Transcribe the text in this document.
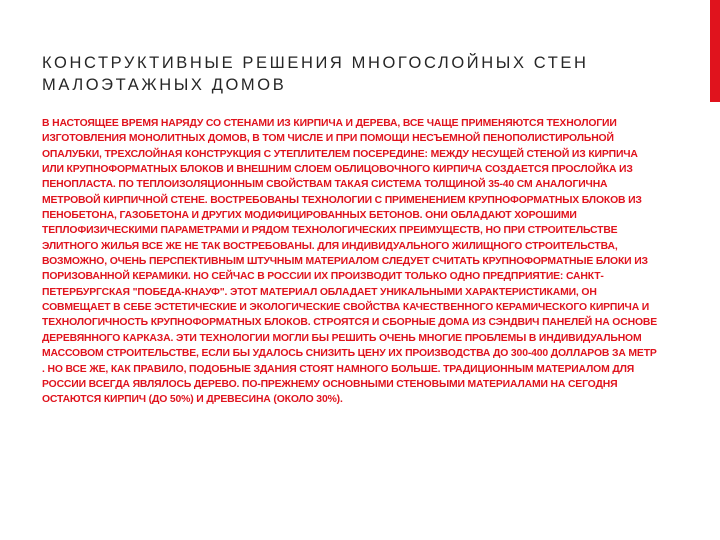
КОНСТРУКТИВНЫЕ РЕШЕНИЯ МНОГОСЛОЙНЫХ СТЕН МАЛОЭТАЖНЫХ ДОМОВ

В НАСТОЯЩЕЕ ВРЕМЯ НАРЯДУ СО СТЕНАМИ ИЗ КИРПИЧА И ДЕРЕВА, ВСЕ ЧАЩЕ ПРИМЕНЯЮТСЯ ТЕХНОЛОГИИ ИЗГОТОВЛЕНИЯ МОНОЛИТНЫХ ДОМОВ, В ТОМ ЧИСЛЕ И ПРИ ПОМОЩИ НЕСЪЕМНОЙ ПЕНОПОЛИСТИРОЛЬНОЙ ОПАЛУБКИ, ТРЕХСЛОЙНАЯ КОНСТРУКЦИЯ С УТЕПЛИТЕЛЕМ ПОСЕРЕДИНЕ: МЕЖДУ НЕСУЩЕЙ СТЕНОЙ ИЗ КИРПИЧА ИЛИ КРУПНОФОРМАТНЫХ БЛОКОВ И ВНЕШНИМ СЛОЕМ ОБЛИЦОВОЧНОГО КИРПИЧА СОЗДАЕТСЯ ПРОСЛОЙКА ИЗ ПЕНОПЛАСТА. ПО ТЕПЛОИЗОЛЯЦИОННЫМ СВОЙСТВАМ ТАКАЯ СИСТЕМА ТОЛЩИНОЙ 35-40 СМ АНАЛОГИЧНА МЕТРОВОЙ КИРПИЧНОЙ СТЕНЕ. ВОСТРЕБОВАНЫ ТЕХНОЛОГИИ С ПРИМЕНЕНИЕМ КРУПНОФОРМАТНЫХ БЛОКОВ ИЗ ПЕНОБЕТОНА, ГАЗОБЕТОНА И ДРУГИХ МОДИФИЦИРОВАННЫХ БЕТОНОВ. ОНИ ОБЛАДАЮТ ХОРОШИМИ ТЕПЛОФИЗИЧЕСКИМИ ПАРАМЕТРАМИ И РЯДОМ ТЕХНОЛОГИЧЕСКИХ ПРЕИМУЩЕСТВ, НО ПРИ СТРОИТЕЛЬСТВЕ ЭЛИТНОГО ЖИЛЬЯ ВСЕ ЖЕ НЕ ТАК ВОСТРЕБОВАНЫ. ДЛЯ ИНДИВИДУАЛЬНОГО ЖИЛИЩНОГО СТРОИТЕЛЬСТВА, ВОЗМОЖНО, ОЧЕНЬ ПЕРСПЕКТИВНЫМ ШТУЧНЫМ МАТЕРИАЛОМ СЛЕДУЕТ СЧИТАТЬ КРУПНОФОРМАТНЫЕ БЛОКИ ИЗ ПОРИЗОВАННОЙ КЕРАМИКИ. НО СЕЙЧАС В РОССИИ ИХ ПРОИЗВОДИТ ТОЛЬКО ОДНО ПРЕДПРИЯТИЕ: САНКТ-ПЕТЕРБУРГСКАЯ "ПОБЕДА-КНАУФ". ЭТОТ МАТЕРИАЛ ОБЛАДАЕТ УНИКАЛЬНЫМИ ХАРАКТЕРИСТИКАМИ, ОН СОВМЕЩАЕТ В СЕБЕ ЭСТЕТИЧЕСКИЕ И ЭКОЛОГИЧЕСКИЕ СВОЙСТВА КАЧЕСТВЕННОГО КЕРАМИЧЕСКОГО КИРПИЧА И ТЕХНОЛОГИЧНОСТЬ КРУПНОФОРМАТНЫХ БЛОКОВ. СТРОЯТСЯ И СБОРНЫЕ ДОМА ИЗ СЭНДВИЧ ПАНЕЛЕЙ НА ОСНОВЕ ДЕРЕВЯННОГО КАРКАЗА. ЭТИ ТЕХНОЛОГИИ МОГЛИ БЫ РЕШИТЬ ОЧЕНЬ МНОГИЕ ПРОБЛЕМЫ В ИНДИВИДУАЛЬНОМ МАССОВОМ СТРОИТЕЛЬСТВЕ, ЕСЛИ БЫ УДАЛОСЬ СНИЗИТЬ ЦЕНУ ИХ ПРОИЗВОДСТВА ДО 300-400 ДОЛЛАРОВ ЗА МЕТР . НО ВСЕ ЖЕ, КАК ПРАВИЛО, ПОДОБНЫЕ ЗДАНИЯ СТОЯТ НАМНОГО БОЛЬШЕ. ТРАДИЦИОННЫМ МАТЕРИАЛОМ ДЛЯ РОССИИ ВСЕГДА ЯВЛЯЛОСЬ ДЕРЕВО. ПО-ПРЕЖНЕМУ ОСНОВНЫМИ СТЕНОВЫМИ МАТЕРИАЛАМИ НА СЕГОДНЯ ОСТАЮТСЯ КИРПИЧ (ДО 50%) И ДРЕВЕСИНА (ОКОЛО 30%).
